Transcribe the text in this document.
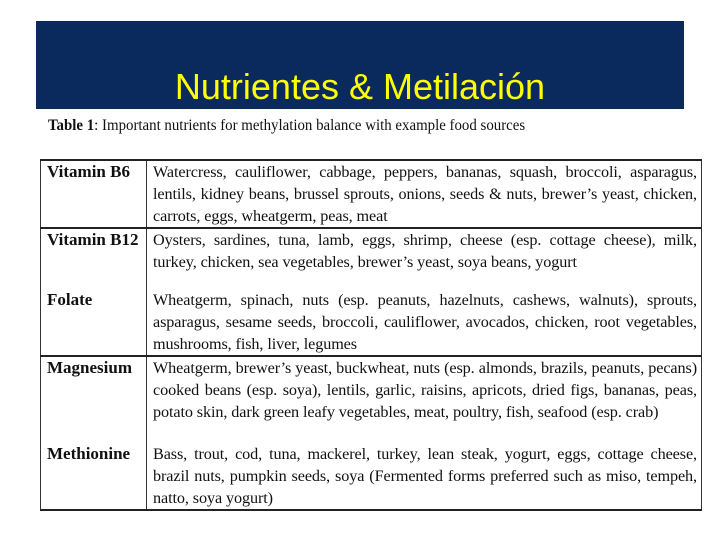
Nutrientes & Metilación
Table 1: Important nutrients for methylation balance with example food sources
Vitamin B6	Watercress, cauliflower, cabbage, peppers, bananas, squash, broccoli, asparagus, lentils, kidney beans, brussel sprouts, onions, seeds & nuts, brewer’s yeast, chicken, carrots, eggs, wheatgerm, peas, meat
Vitamin B12	Oysters, sardines, tuna, lamb, eggs, shrimp, cheese (esp. cottage cheese), milk, turkey, chicken, sea vegetables, brewer’s yeast, soya beans, yogurt
Folate	Wheatgerm, spinach, nuts (esp. peanuts, hazelnuts, cashews, walnuts), sprouts, asparagus, sesame seeds, broccoli, cauliflower, avocados, chicken, root vegetables, mushrooms, fish, liver, legumes
Magnesium	Wheatgerm, brewer’s yeast, buckwheat, nuts (esp. almonds, brazils, peanuts, pecans) cooked beans (esp. soya), lentils, garlic, raisins, apricots, dried figs, bananas, peas, potato skin, dark green leafy vegetables, meat, poultry, fish, seafood (esp. crab)
Methionine	Bass, trout, cod, tuna, mackerel, turkey, lean steak, yogurt, eggs, cottage cheese, brazil nuts, pumpkin seeds, soya (Fermented forms preferred such as miso, tempeh, natto, soya yogurt)
